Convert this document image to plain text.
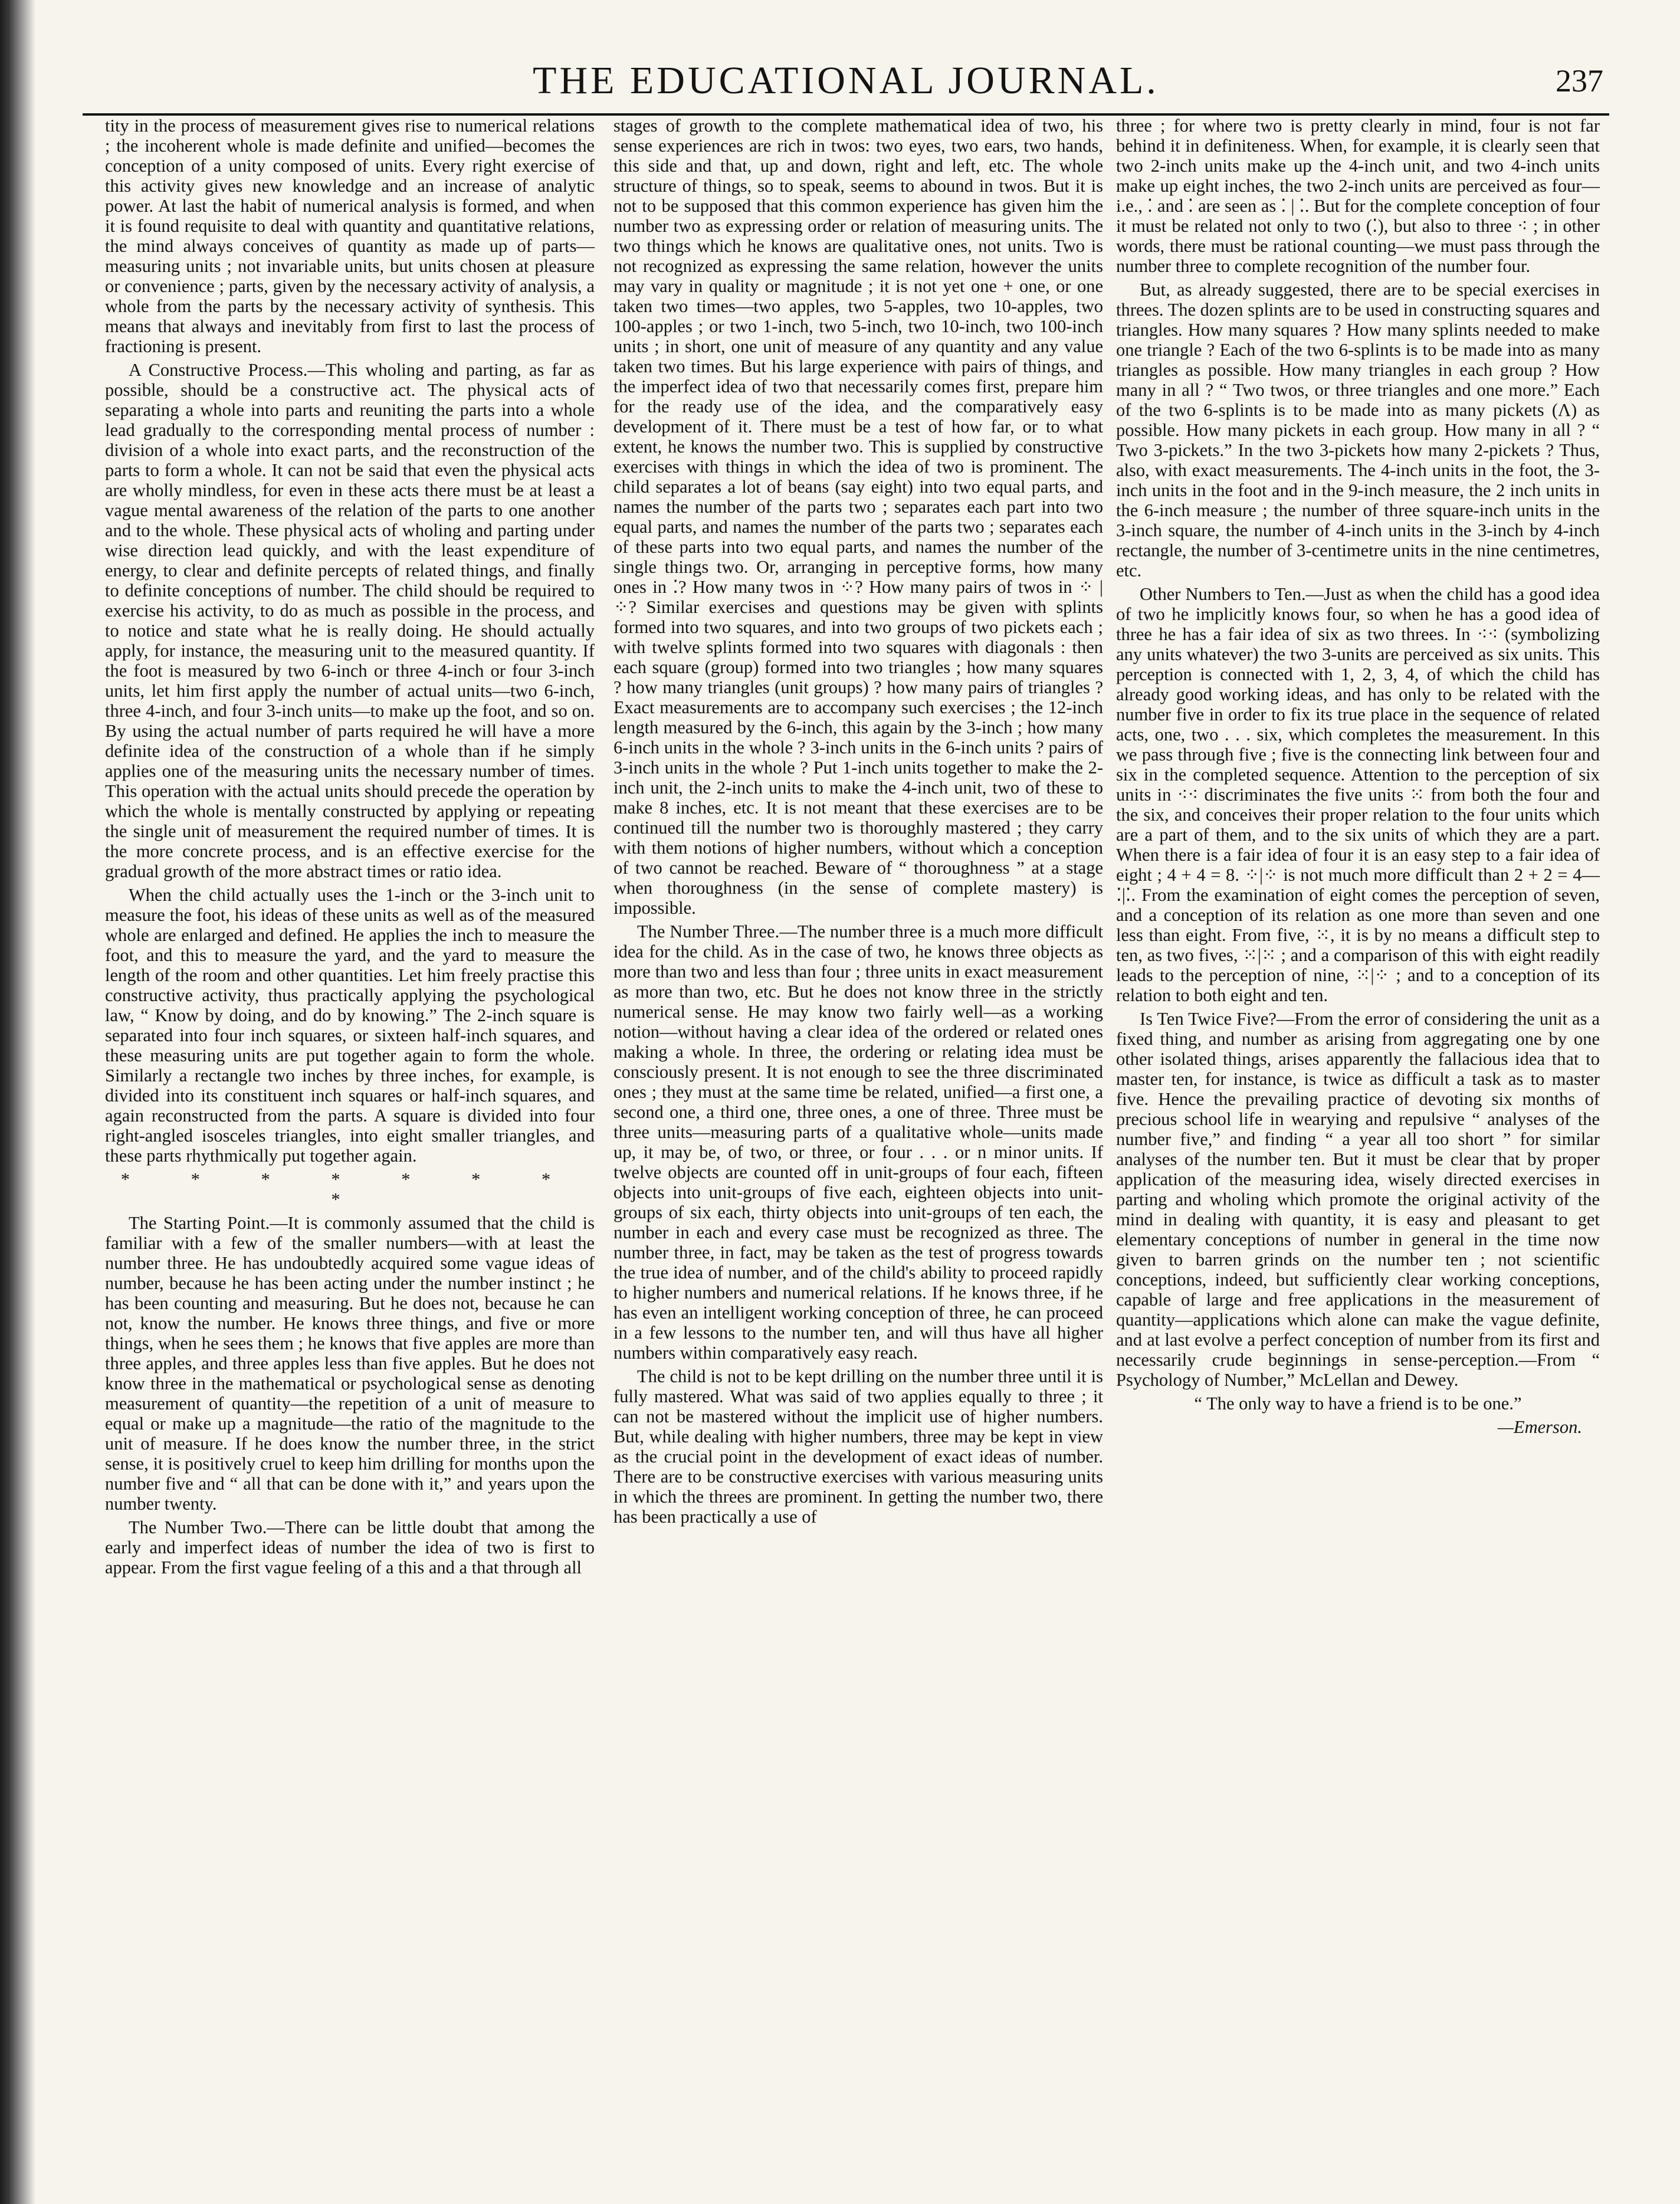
THE EDUCATIONAL JOURNAL.	237

tity in the process of measurement gives rise to numerical relations ; the incoherent whole is made definite and unified—becomes the conception of a unity composed of units. Every right exercise of this activity gives new knowledge and an increase of analytic power. At last the habit of numerical analysis is formed, and when it is found requisite to deal with quantity and quantitative relations, the mind always conceives of quantity as made up of parts—measuring units ; not invariable units, but units chosen at pleasure or convenience ; parts, given by the necessary activity of analysis, a whole from the parts by the necessary activity of synthesis. This means that always and inevitably from first to last the process of fractioning is present.

A Constructive Process.—This wholing and parting, as far as possible, should be a constructive act. The physical acts of separating a whole into parts and reuniting the parts into a whole lead gradually to the corresponding mental process of number : division of a whole into exact parts, and the reconstruction of the parts to form a whole. It can not be said that even the physical acts are wholly mindless, for even in these acts there must be at least a vague mental awareness of the relation of the parts to one another and to the whole. These physical acts of wholing and parting under wise direction lead quickly, and with the least expenditure of energy, to clear and definite percepts of related things, and finally to definite conceptions of number. The child should be required to exercise his activity, to do as much as possible in the process, and to notice and state what he is really doing. He should actually apply, for instance, the measuring unit to the measured quantity. If the foot is measured by two 6-inch or three 4-inch or four 3-inch units, let him first apply the number of actual units—two 6-inch, three 4-inch, and four 3-inch units—to make up the foot, and so on. By using the actual number of parts required he will have a more definite idea of the construction of a whole than if he simply applies one of the measuring units the necessary number of times. This operation with the actual units should precede the operation by which the whole is mentally constructed by applying or repeating the single unit of measurement the required number of times. It is the more concrete process, and is an effective exercise for the gradual growth of the more abstract times or ratio idea.

When the child actually uses the 1-inch or the 3-inch unit to measure the foot, his ideas of these units as well as of the measured whole are enlarged and defined. He applies the inch to measure the foot, and this to measure the yard, and the yard to measure the length of the room and other quantities. Let him freely practise this constructive activity, thus practically applying the psychological law, “ Know by doing, and do by knowing.” The 2-inch square is separated into four inch squares, or sixteen half-inch squares, and these measuring units are put together again to form the whole. Similarly a rectangle two inches by three inches, for example, is divided into its constituent inch squares or half-inch squares, and again reconstructed from the parts. A square is divided into four right-angled isosceles triangles, into eight smaller triangles, and these parts rhythmically put together again.

* * * * * * * *

The Starting Point.—It is commonly assumed that the child is familiar with a few of the smaller numbers—with at least the number three. He has undoubtedly acquired some vague ideas of number, because he has been acting under the number instinct ; he has been counting and measuring. But he does not, because he can not, know the number. He knows three things, and five or more things, when he sees them ; he knows that five apples are more than three apples, and three apples less than five apples. But he does not know three in the mathematical or psychological sense as denoting measurement of quantity—the repetition of a unit of measure to equal or make up a magnitude—the ratio of the magnitude to the unit of measure. If he does know the number three, in the strict sense, it is positively cruel to keep him drilling for months upon the number five and “ all that can be done with it,” and years upon the number twenty.

The Number Two.—There can be little doubt that among the early and imperfect ideas of number the idea of two is first to appear. From the first vague feeling of a this and a that through all

stages of growth to the complete mathematical idea of two, his sense experiences are rich in twos: two eyes, two ears, two hands, this side and that, up and down, right and left, etc. The whole structure of things, so to speak, seems to abound in twos. But it is not to be supposed that this common experience has given him the number two as expressing order or relation of measuring units. The two things which he knows are qualitative ones, not units. Two is not recognized as expressing the same relation, however the units may vary in quality or magnitude ; it is not yet one + one, or one taken two times—two apples, two 5-apples, two 10-apples, two 100-apples ; or two 1-inch, two 5-inch, two 10-inch, two 100-inch units ; in short, one unit of measure of any quantity and any value taken two times. But his large experience with pairs of things, and the imperfect idea of two that necessarily comes first, prepare him for the ready use of the idea, and the comparatively easy development of it. There must be a test of how far, or to what extent, he knows the number two. This is supplied by constructive exercises with things in which the idea of two is prominent. The child separates a lot of beans (say eight) into two equal parts, and names the number of the parts two ; separates each part into two equal parts, and names the number of the parts two ; separates each of these parts into two equal parts, and names the number of the single things two. Or, arranging in perceptive forms, how many ones in ⁚? How many twos in ⁘? How many pairs of twos in ⁘ | ⁘? Similar exercises and questions may be given with splints formed into two squares, and into two groups of two pickets each ; with twelve splints formed into two squares with diagonals : then each square (group) formed into two triangles ; how many squares ? how many triangles (unit groups) ? how many pairs of triangles ? Exact measurements are to accompany such exercises ; the 12-inch length measured by the 6-inch, this again by the 3-inch ; how many 6-inch units in the whole ? 3-inch units in the 6-inch units ? pairs of 3-inch units in the whole ? Put 1-inch units together to make the 2-inch unit, the 2-inch units to make the 4-inch unit, two of these to make 8 inches, etc. It is not meant that these exercises are to be continued till the number two is thoroughly mastered ; they carry with them notions of higher numbers, without which a conception of two cannot be reached. Beware of “ thoroughness ” at a stage when thoroughness (in the sense of complete mastery) is impossible.

The Number Three.—The number three is a much more difficult idea for the child. As in the case of two, he knows three objects as more than two and less than four ; three units in exact measurement as more than two, etc. But he does not know three in the strictly numerical sense. He may know two fairly well—as a working notion—without having a clear idea of the ordered or related ones making a whole. In three, the ordering or relating idea must be consciously present. It is not enough to see the three discriminated ones ; they must at the same time be related, unified—a first one, a second one, a third one, three ones, a one of three. Three must be three units—measuring parts of a qualitative whole—units made up, it may be, of two, or three, or four . . . or n minor units. If twelve objects are counted off in unit-groups of four each, fifteen objects into unit-groups of five each, eighteen objects into unit-groups of six each, thirty objects into unit-groups of ten each, the number in each and every case must be recognized as three. The number three, in fact, may be taken as the test of progress towards the true idea of number, and of the child's ability to proceed rapidly to higher numbers and numerical relations. If he knows three, if he has even an intelligent working conception of three, he can proceed in a few lessons to the number ten, and will thus have all higher numbers within comparatively easy reach.

The child is not to be kept drilling on the number three until it is fully mastered. What was said of two applies equally to three ; it can not be mastered without the implicit use of higher numbers. But, while dealing with higher numbers, three may be kept in view as the crucial point in the development of exact ideas of number. There are to be constructive exercises with various measuring units in which the threes are prominent. In getting the number two, there has been practically a use of

three ; for where two is pretty clearly in mind, four is not far behind it in definiteness. When, for example, it is clearly seen that two 2-inch units make up the 4-inch unit, and two 4-inch units make up eight inches, the two 2-inch units are perceived as four—i.e., ⁚ and ⁚ are seen as ⁚ | ⁚. But for the complete conception of four it must be related not only to two (⁚), but also to three ⁖ ; in other words, there must be rational counting—we must pass through the number three to complete recognition of the number four.

But, as already suggested, there are to be special exercises in threes. The dozen splints are to be used in constructing squares and triangles. How many squares ? How many splints needed to make one triangle ? Each of the two 6-splints is to be made into as many triangles as possible. How many triangles in each group ? How many in all ? “ Two twos, or three triangles and one more.” Each of the two 6-splints is to be made into as many pickets (Λ) as possible. How many pickets in each group. How many in all ? “ Two 3-pickets.” In the two 3-pickets how many 2-pickets ? Thus, also, with exact measurements. The 4-inch units in the foot, the 3-inch units in the foot and in the 9-inch measure, the 2 inch units in the 6-inch measure ; the number of three square-inch units in the 3-inch square, the number of 4-inch units in the 3-inch by 4-inch rectangle, the number of 3-centimetre units in the nine centimetres, etc.

Other Numbers to Ten.—Just as when the child has a good idea of two he implicitly knows four, so when he has a good idea of three he has a fair idea of six as two threes. In ⁖⁖ (symbolizing any units whatever) the two 3-units are perceived as six units. This perception is connected with 1, 2, 3, 4, of which the child has already good working ideas, and has only to be related with the number five in order to fix its true place in the sequence of related acts, one, two . . . six, which completes the measurement. In this we pass through five ; five is the connecting link between four and six in the completed sequence. Attention to the perception of six units in ⁖⁖ discriminates the five units ⁙ from both the four and the six, and conceives their proper relation to the four units which are a part of them, and to the six units of which they are a part. When there is a fair idea of four it is an easy step to a fair idea of eight ; 4 + 4 = 8. ⁘|⁘ is not much more difficult than 2 + 2 = 4— ⁚|⁚. From the examination of eight comes the perception of seven, and a conception of its relation as one more than seven and one less than eight. From five, ⁙, it is by no means a difficult step to ten, as two fives, ⁙|⁙ ; and a comparison of this with eight readily leads to the perception of nine, ⁙|⁘ ; and to a conception of its relation to both eight and ten.

Is Ten Twice Five?—From the error of considering the unit as a fixed thing, and number as arising from aggregating one by one other isolated things, arises apparently the fallacious idea that to master ten, for instance, is twice as difficult a task as to master five. Hence the prevailing practice of devoting six months of precious school life in wearying and repulsive “ analyses of the number five,” and finding “ a year all too short ” for similar analyses of the number ten. But it must be clear that by proper application of the measuring idea, wisely directed exercises in parting and wholing which promote the original activity of the mind in dealing with quantity, it is easy and pleasant to get elementary conceptions of number in general in the time now given to barren grinds on the number ten ; not scientific conceptions, indeed, but sufficiently clear working conceptions, capable of large and free applications in the measurement of quantity—applications which alone can make the vague definite, and at last evolve a perfect conception of number from its first and necessarily crude beginnings in sense-perception.—From “ Psychology of Number,” McLellan and Dewey.

“ The only way to have a friend is to be one.”

—Emerson.
